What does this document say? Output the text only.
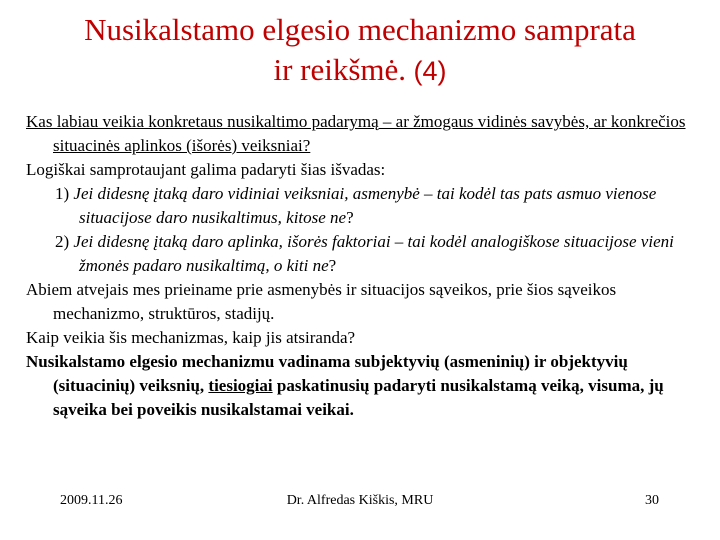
Nusikalstamo elgesio mechanizmo samprata
ir reikšmė. (4)

Kas labiau veikia konkretaus nusikaltimo padarymą – ar žmogaus vidinės savybės, ar konkrečios situacinės aplinkos (išorės) veiksniai?

Logiškai samprotaujant galima padaryti šias išvadas:

1) Jei didesnę įtaką daro vidiniai veiksniai, asmenybė – tai kodėl tas pats asmuo vienose situacijose daro nusikaltimus, kitose ne?

2) Jei didesnę įtaką daro aplinka, išorės faktoriai – tai kodėl analogiškose situacijose vieni žmonės padaro nusikaltimą, o kiti ne?

Abiem atvejais mes prieiname prie asmenybės ir situacijos sąveikos, prie šios sąveikos mechanizmo, struktūros, stadijų.

Kaip veikia šis mechanizmas, kaip jis atsiranda?

Nusikalstamo elgesio mechanizmu vadinama subjektyvių (asmeninių) ir objektyvių (situacinių) veiksnių, tiesiogiai paskatinusių padaryti nusikalstamą veiką, visuma, jų sąveika bei poveikis nusikalstamai veikai.

2009.11.26	Dr. Alfredas Kiškis, MRU	30
